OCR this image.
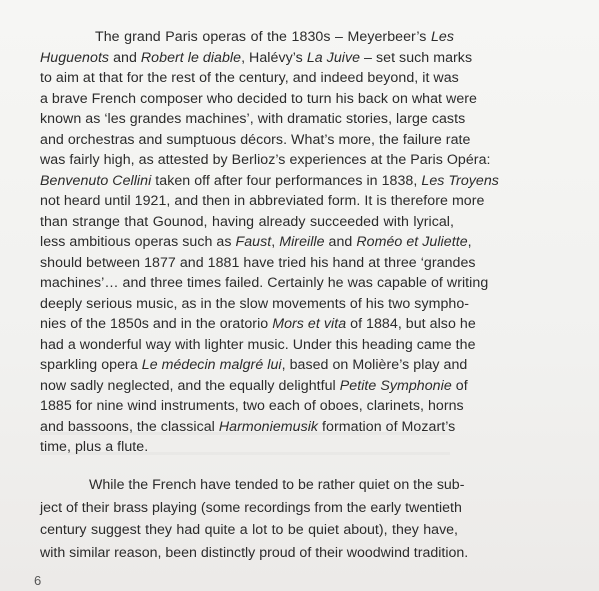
The grand Paris operas of the 1830s – Meyerbeer’s Les
Huguenots and Robert le diable, Halévy’s La Juive – set such marks
to aim at that for the rest of the century, and indeed beyond, it was
a brave French composer who decided to turn his back on what were
known as ‘les grandes machines’, with dramatic stories, large casts
and orchestras and sumptuous décors. What’s more, the failure rate
was fairly high, as attested by Berlioz’s experiences at the Paris Opéra:
Benvenuto Cellini taken off after four performances in 1838, Les Troyens
not heard until 1921, and then in abbreviated form. It is therefore more
than strange that Gounod, having already succeeded with lyrical,
less ambitious operas such as Faust, Mireille and Roméo et Juliette,
should between 1877 and 1881 have tried his hand at three ‘grandes
machines’… and three times failed. Certainly he was capable of writing
deeply serious music, as in the slow movements of his two sympho-
nies of the 1850s and in the oratorio Mors et vita of 1884, but also he
had a wonderful way with lighter music. Under this heading came the
sparkling opera Le médecin malgré lui, based on Molière’s play and
now sadly neglected, and the equally delightful Petite Symphonie of
1885 for nine wind instruments, two each of oboes, clarinets, horns
and bassoons, the classical Harmoniemusik formation of Mozart’s
time, plus a flute.
While the French have tended to be rather quiet on the sub-
ject of their brass playing (some recordings from the early twentieth
century suggest they had quite a lot to be quiet about), they have,
with similar reason, been distinctly proud of their woodwind tradition.
6
